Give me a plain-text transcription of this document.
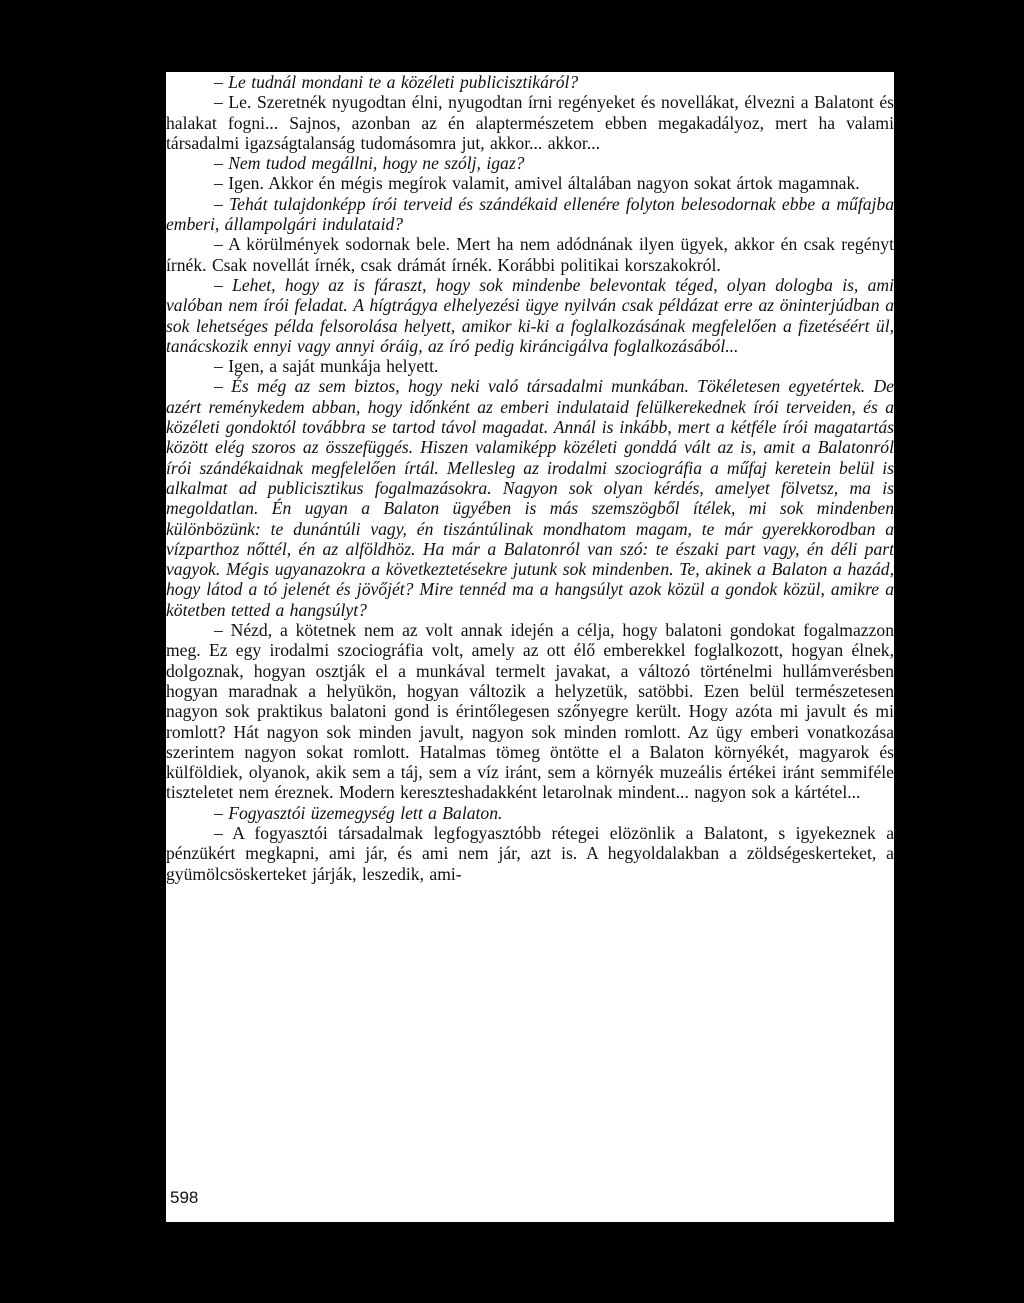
– Le tudnál mondani te a közéleti publicisztikáról?

– Le. Szeretnék nyugodtan élni, nyugodtan írni regényeket és novellákat, élvezni a Balatont és halakat fogni... Sajnos, azonban az én alaptermészetem ebben megakadályoz, mert ha valami társadalmi igazságtalanság tudomásomra jut, akkor... akkor...

– Nem tudod megállni, hogy ne szólj, igaz?

– Igen. Akkor én mégis megírok valamit, amivel általában nagyon sokat ártok magamnak.

– Tehát tulajdonképp írói terveid és szándékaid ellenére folyton belesodornak ebbe a műfajba emberi, állampolgári indulataid?

– A körülmények sodornak bele. Mert ha nem adódnának ilyen ügyek, akkor én csak regényt írnék. Csak novellát írnék, csak drámát írnék. Korábbi politikai korszakokról.

– Lehet, hogy az is fáraszt, hogy sok mindenbe belevontak téged, olyan dologba is, ami valóban nem írói feladat. A hígtrágya elhelyezési ügye nyilván csak példázat erre az öninterjúdban a sok lehetséges példa felsorolása helyett, amikor ki-ki a foglalkozásának megfelelően a fizetéséért ül, tanácskozik ennyi vagy annyi óráig, az író pedig kiráncigálva foglalkozásából...

– Igen, a saját munkája helyett.

– És még az sem biztos, hogy neki való társadalmi munkában. Tökéletesen egyetértek. De azért reménykedem abban, hogy időnként az emberi indulataid felülkerekednek írói terveiden, és a közéleti gondoktól továbbra se tartod távol magadat. Annál is inkább, mert a kétféle írói magatartás között elég szoros az összefüggés. Hiszen valamiképp közéleti gonddá vált az is, amit a Balatonról írói szándékaidnak megfelelően írtál. Mellesleg az irodalmi szociográfia a műfaj keretein belül is alkalmat ad publicisztikus fogalmazásokra. Nagyon sok olyan kérdés, amelyet fölvetsz, ma is megoldatlan. Én ugyan a Balaton ügyében is más szemszögből ítélek, mi sok mindenben különbözünk: te dunántúli vagy, én tiszántúlinak mondhatom magam, te már gyerekkorodban a vízparthoz nőttél, én az alföldhöz. Ha már a Balatonról van szó: te északi part vagy, én déli part vagyok. Mégis ugyanazokra a következtetésekre jutunk sok mindenben. Te, akinek a Balaton a hazád, hogy látod a tó jelenét és jövőjét? Mire tennéd ma a hangsúlyt azok közül a gondok közül, amikre a kötetben tetted a hangsúlyt?

– Nézd, a kötetnek nem az volt annak idején a célja, hogy balatoni gondokat fogalmazzon meg. Ez egy irodalmi szociográfia volt, amely az ott élő emberekkel foglalkozott, hogyan élnek, dolgoznak, hogyan osztják el a munkával termelt javakat, a változó történelmi hullámverésben hogyan maradnak a helyükön, hogyan változik a helyzetük, satöbbi. Ezen belül természetesen nagyon sok praktikus balatoni gond is érintőlegesen szőnyegre került. Hogy azóta mi javult és mi romlott? Hát nagyon sok minden javult, nagyon sok minden romlott. Az ügy emberi vonatkozása szerintem nagyon sokat romlott. Hatalmas tömeg öntötte el a Balaton környékét, magyarok és külföldiek, olyanok, akik sem a táj, sem a víz iránt, sem a környék muzeális értékei iránt semmiféle tiszteletet nem éreznek. Modern kereszteshadakként letarolnak mindent... nagyon sok a kártétel...

– Fogyasztói üzemegység lett a Balaton.

– A fogyasztói társadalmak legfogyasztóbb rétegei elözönlik a Balatont, s igyekeznek a pénzükért megkapni, ami jár, és ami nem jár, azt is. A hegyoldalakban a zöldségeskerteket, a gyümölcsöskerteket járják, leszedik, ami-

598
